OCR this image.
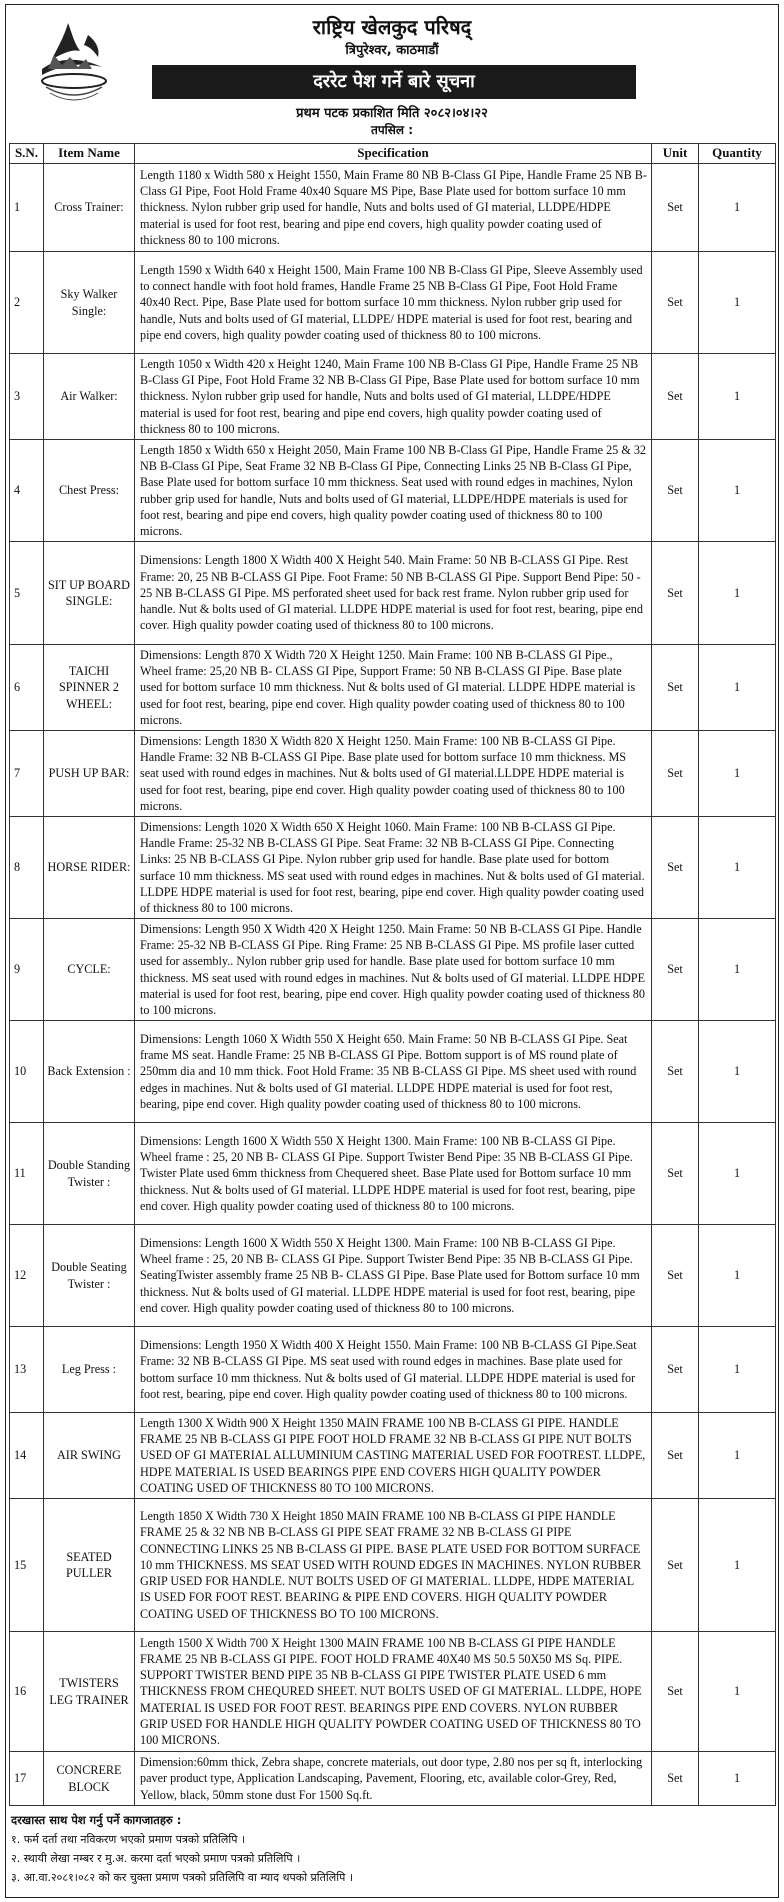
राष्ट्रिय खेलकुद परिषद्
त्रिपुरेश्वर, काठमाडौं
दररेट पेश गर्ने बारे सूचना
प्रथम पटक प्रकाशित मिति २०८२।०४।२२
तपसिल :
S.N.	Item Name	Specification	Unit	Quantity
1	Cross Trainer:	Length 1180 x Width 580 x Height 1550, Main Frame 80 NB B-Class GI Pipe, Handle Frame 25 NB B-Class GI Pipe, Foot Hold Frame 40x40 Square MS Pipe, Base Plate used for bottom surface 10 mm thickness. Nylon rubber grip used for handle, Nuts and bolts used of GI material, LLDPE/HDPE material is used for foot rest, bearing and pipe end covers, high quality powder coating used of thickness 80 to 100 microns.	Set	1
2	Sky Walker Single:	Length 1590 x Width 640 x Height 1500, Main Frame 100 NB B-Class GI Pipe, Sleeve Assembly used to connect handle with foot hold frames, Handle Frame 25 NB B-Class GI Pipe, Foot Hold Frame 40x40 Rect. Pipe, Base Plate used for bottom surface 10 mm thickness. Nylon rubber grip used for handle, Nuts and bolts used of GI material, LLDPE/ HDPE material is used for foot rest, bearing and pipe end covers, high quality powder coating used of thickness 80 to 100 microns.	Set	1
3	Air Walker:	Length 1050 x Width 420 x Height 1240, Main Frame 100 NB B-Class GI Pipe, Handle Frame 25 NB B-Class GI Pipe, Foot Hold Frame 32 NB B-Class GI Pipe, Base Plate used for bottom surface 10 mm thickness. Nylon rubber grip used for handle, Nuts and bolts used of GI material, LLDPE/HDPE material is used for foot rest, bearing and pipe end covers, high quality powder coating used of thickness 80 to 100 microns.	Set	1
4	Chest Press:	Length 1850 x Width 650 x Height 2050, Main Frame 100 NB B-Class GI Pipe, Handle Frame 25 & 32 NB B-Class GI Pipe, Seat Frame 32 NB B-Class GI Pipe, Connecting Links 25 NB B-Class GI Pipe, Base Plate used for bottom surface 10 mm thickness. Seat used with round edges in machines, Nylon rubber grip used for handle, Nuts and bolts used of GI material, LLDPE/HDPE materials is used for foot rest, bearing and pipe end covers, high quality powder coating used of thickness 80 to 100 microns.	Set	1
5	SIT UP BOARD SINGLE:	Dimensions: Length 1800 X Width 400 X Height 540. Main Frame: 50 NB B-CLASS GI Pipe. Rest Frame: 20, 25 NB B-CLASS GI Pipe. Foot Frame: 50 NB B-CLASS GI Pipe. Support Bend Pipe: 50 - 25 NB B-CLASS GI Pipe. MS perforated sheet used for back rest frame. Nylon rubber grip used for handle. Nut & bolts used of GI material. LLDPE HDPE material is used for foot rest, bearing, pipe end cover. High quality powder coating used of thickness 80 to 100 microns.	Set	1
6	TAICHI SPINNER 2 WHEEL:	Dimensions: Length 870 X Width 720 X Height 1250. Main Frame: 100 NB B-CLASS GI Pipe., Wheel frame: 25,20 NB B- CLASS GI Pipe, Support Frame: 50 NB B-CLASS GI Pipe. Base plate used for bottom surface 10 mm thickness. Nut & bolts used of GI material. LLDPE HDPE material is used for foot rest, bearing, pipe end cover. High quality powder coating used of thickness 80 to 100 microns.	Set	1
7	PUSH UP BAR:	Dimensions: Length 1830 X Width 820 X Height 1250. Main Frame: 100 NB B-CLASS GI Pipe. Handle Frame: 32 NB B-CLASS GI Pipe. Base plate used for bottom surface 10 mm thickness. MS seat used with round edges in machines. Nut & bolts used of GI material.LLDPE HDPE material is used for foot rest, bearing, pipe end cover. High quality powder coating used of thickness 80 to 100 microns.	Set	1
8	HORSE RIDER:	Dimensions: Length 1020 X Width 650 X Height 1060. Main Frame: 100 NB B-CLASS GI Pipe. Handle Frame: 25-32 NB B-CLASS GI Pipe. Seat Frame: 32 NB B-CLASS GI Pipe. Connecting Links: 25 NB B-CLASS GI Pipe. Nylon rubber grip used for handle. Base plate used for bottom surface 10 mm thickness. MS seat used with round edges in machines. Nut & bolts used of GI material. LLDPE HDPE material is used for foot rest, bearing, pipe end cover. High quality powder coating used of thickness 80 to 100 microns.	Set	1
9	CYCLE:	Dimensions: Length 950 X Width 420 X Height 1250. Main Frame: 50 NB B-CLASS GI Pipe. Handle Frame: 25-32 NB B-CLASS GI Pipe. Ring Frame: 25 NB B-CLASS GI Pipe. MS profile laser cutted used for assembly.. Nylon rubber grip used for handle. Base plate used for bottom surface 10 mm thickness. MS seat used with round edges in machines. Nut & bolts used of GI material. LLDPE HDPE material is used for foot rest, bearing, pipe end cover. High quality powder coating used of thickness 80 to 100 microns.	Set	1
10	Back Extension :	Dimensions: Length 1060 X Width 550 X Height 650. Main Frame: 50 NB B-CLASS GI Pipe. Seat frame MS seat. Handle Frame: 25 NB B-CLASS GI Pipe. Bottom support is of MS round plate of 250mm dia and 10 mm thick. Foot Hold Frame: 35 NB B-CLASS GI Pipe. MS sheet used with round edges in machines. Nut & bolts used of GI material. LLDPE HDPE material is used for foot rest, bearing, pipe end cover. High quality powder coating used of thickness 80 to 100 microns.	Set	1
11	Double Standing Twister :	Dimensions: Length 1600 X Width 550 X Height 1300. Main Frame: 100 NB B-CLASS GI Pipe. Wheel frame : 25, 20 NB B- CLASS GI Pipe. Support Twister Bend Pipe: 35 NB B-CLASS GI Pipe. Twister Plate used 6mm thickness from Chequered sheet. Base Plate used for Bottom surface 10 mm thickness. Nut & bolts used of GI material. LLDPE HDPE material is used for foot rest, bearing, pipe end cover. High quality powder coating used of thickness 80 to 100 microns.	Set	1
12	Double Seating Twister :	Dimensions: Length 1600 X Width 550 X Height 1300. Main Frame: 100 NB B-CLASS GI Pipe. Wheel frame : 25, 20 NB B- CLASS GI Pipe. Support Twister Bend Pipe: 35 NB B-CLASS GI Pipe. SeatingTwister assembly frame 25 NB B- CLASS GI Pipe. Base Plate used for Bottom surface 10 mm thickness. Nut & bolts used of GI material. LLDPE HDPE material is used for foot rest, bearing, pipe end cover. High quality powder coating used of thickness 80 to 100 microns.	Set	1
13	Leg Press :	Dimensions: Length 1950 X Width 400 X Height 1550. Main Frame: 100 NB B-CLASS GI Pipe.Seat Frame: 32 NB B-CLASS GI Pipe. MS seat used with round edges in machines. Base plate used for bottom surface 10 mm thickness. Nut & bolts used of GI material. LLDPE HDPE material is used for foot rest, bearing, pipe end cover. High quality powder coating used of thickness 80 to 100 microns.	Set	1
14	AIR SWING	Length 1300 X Width 900 X Height 1350 MAIN FRAME 100 NB B-CLASS GI PIPE. HANDLE FRAME 25 NB B-CLASS GI PIPE FOOT HOLD FRAME 32 NB B-CLASS GI PIPE NUT BOLTS USED OF GI MATERIAL ALLUMINIUM CASTING MATERIAL USED FOR FOOTREST. LLDPE, HDPE MATERIAL IS USED BEARINGS PIPE END COVERS HIGH QUALITY POWDER COATING USED OF THICKNESS 80 TO 100 MICRONS.	Set	1
15	SEATED PULLER	Length 1850 X Width 730 X Height 1850 MAIN FRAME 100 NB B-CLASS GI PIPE HANDLE FRAME 25 & 32 NB NB B-CLASS GI PIPE SEAT FRAME 32 NB B-CLASS GI PIPE CONNECTING LINKS 25 NB B-CLASS GI PIPE. BASE PLATE USED FOR BOTTOM SURFACE 10 mm THICKNESS. MS SEAT USED WITH ROUND EDGES IN MACHINES. NYLON RUBBER GRIP USED FOR HANDLE. NUT BOLTS USED OF GI MATERIAL. LLDPE, HDPE MATERIAL IS USED FOR FOOT REST. BEARING & PIPE END COVERS. HIGH QUALITY POWDER COATING USED OF THICKNESS BO TO 100 MICRONS.	Set	1
16	TWISTERS LEG TRAINER	Length 1500 X Width 700 X Height 1300 MAIN FRAME 100 NB B-CLASS GI PIPE HANDLE FRAME 25 NB B-CLASS GI PIPE. FOOT HOLD FRAME 40X40 MS 50.5 50X50 MS Sq. PIPE. SUPPORT TWISTER BEND PIPE 35 NB B-CLASS GI PIPE TWISTER PLATE USED 6 mm THICKNESS FROM CHEQURED SHEET. NUT BOLTS USED OF GI MATERIAL. LLDPE, HOPE MATERIAL IS USED FOR FOOT REST. BEARINGS PIPE END COVERS. NYLON RUBBER GRIP USED FOR HANDLE HIGH QUALITY POWDER COATING USED OF THICKNESS 80 TO 100 MICRONS.	Set	1
17	CONCRERE BLOCK	Dimension:60mm thick, Zebra shape, concrete materials, out door type, 2.80 nos per sq ft, interlocking paver product type, Application Landscaping, Pavement, Flooring, etc, available color-Grey, Red, Yellow, black, 50mm stone dust For 1500 Sq.ft.	Set	1
दरखास्त साथ पेश गर्नु पर्ने कागजातहरु :
१. फर्म दर्ता तथा नविकरण भएको प्रमाण पत्रको प्रतिलिपि ।
२. स्थायी लेखा नम्बर र मु.अ. करमा दर्ता भएको प्रमाण पत्रको प्रतिलिपि ।
३. आ.वा.२०८१।०८२ को कर चुक्ता प्रमाण पत्रको प्रतिलिपि वा म्याद थपको प्रतिलिपि ।
